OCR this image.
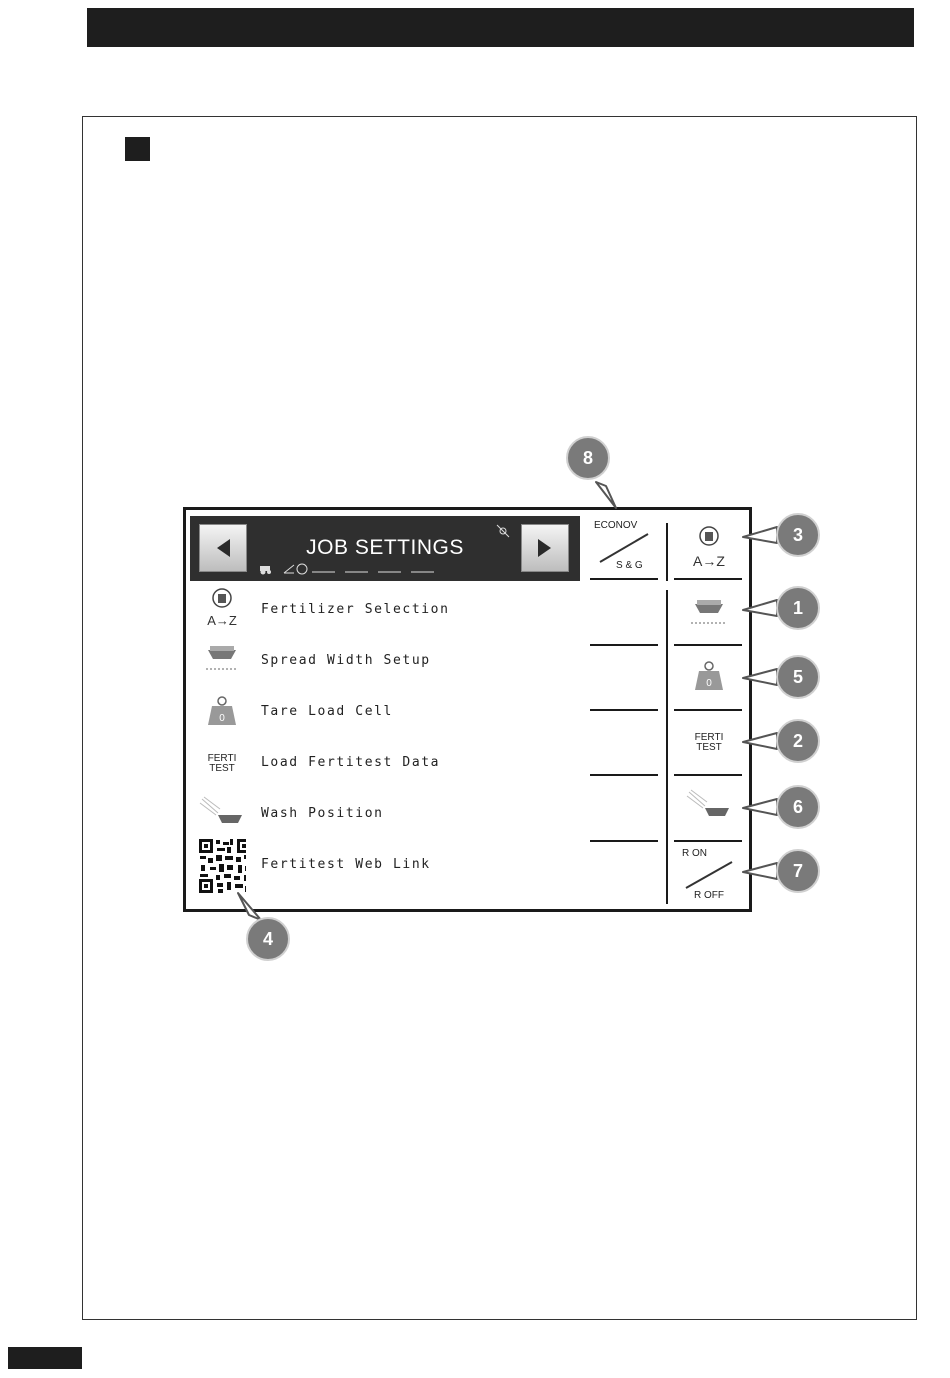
JOB SETTINGS
A→Z
Fertilizer Selection
Spread Width Setup
0	Tare Load Cell
FERTI
TEST Load Fertitest Data
Wash Position
Fertitest Web Link
ECONOV
S & G	A→Z
0
FERTI
TEST
R ON
R OFF
8
3
1
5
2
6
7
4
